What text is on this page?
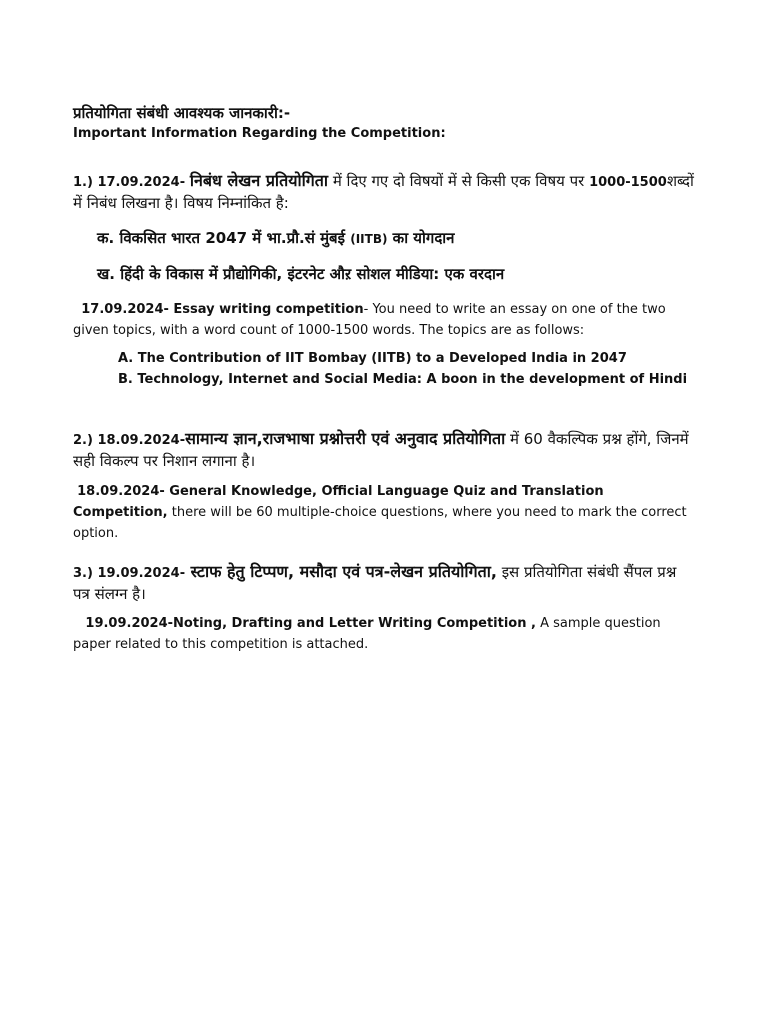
प्रतियोगिता संबंधी आवश्यक जानकारी:-

Important Information Regarding the Competition:

1.) 17.09.2024- निबंध लेखन प्रतियोगिता में दिए गए दो विषयों में से किसी एक विषय पर 1000-1500शब्दों में निबंध लिखना है। विषय निम्नांकित है:

क. विकसित भारत 2047 में भा.प्रौ.सं मुंबई (IITB) का योगदान

ख. हिंदी के विकास में प्रौद्योगिकी, इंटरनेट औऱ सोशल मीडिया: एक वरदान

17.09.2024- Essay writing competition- You need to write an essay on one of the two given topics, with a word count of 1000-1500 words. The topics are as follows:

A. The Contribution of IIT Bombay (IITB) to a Developed India in 2047

B. Technology, Internet and Social Media: A boon in the development of Hindi

2.) 18.09.2024-सामान्य ज्ञान,राजभाषा प्रश्नोत्तरी एवं अनुवाद प्रतियोगिता में 60 वैकल्पिक प्रश्न होंगे, जिनमें सही विकल्प पर निशान लगाना है।

18.09.2024- General Knowledge, Official Language Quiz and Translation Competition, there will be 60 multiple-choice questions, where you need to mark the correct option.

3.) 19.09.2024- स्टाफ हेतु टिप्पण, मसौदा एवं पत्र-लेखन प्रतियोगिता, इस प्रतियोगिता संबंधी सैंपल प्रश्न पत्र संलग्न है।

19.09.2024-Noting, Drafting and Letter Writing Competition , A sample question paper related to this competition is attached.
